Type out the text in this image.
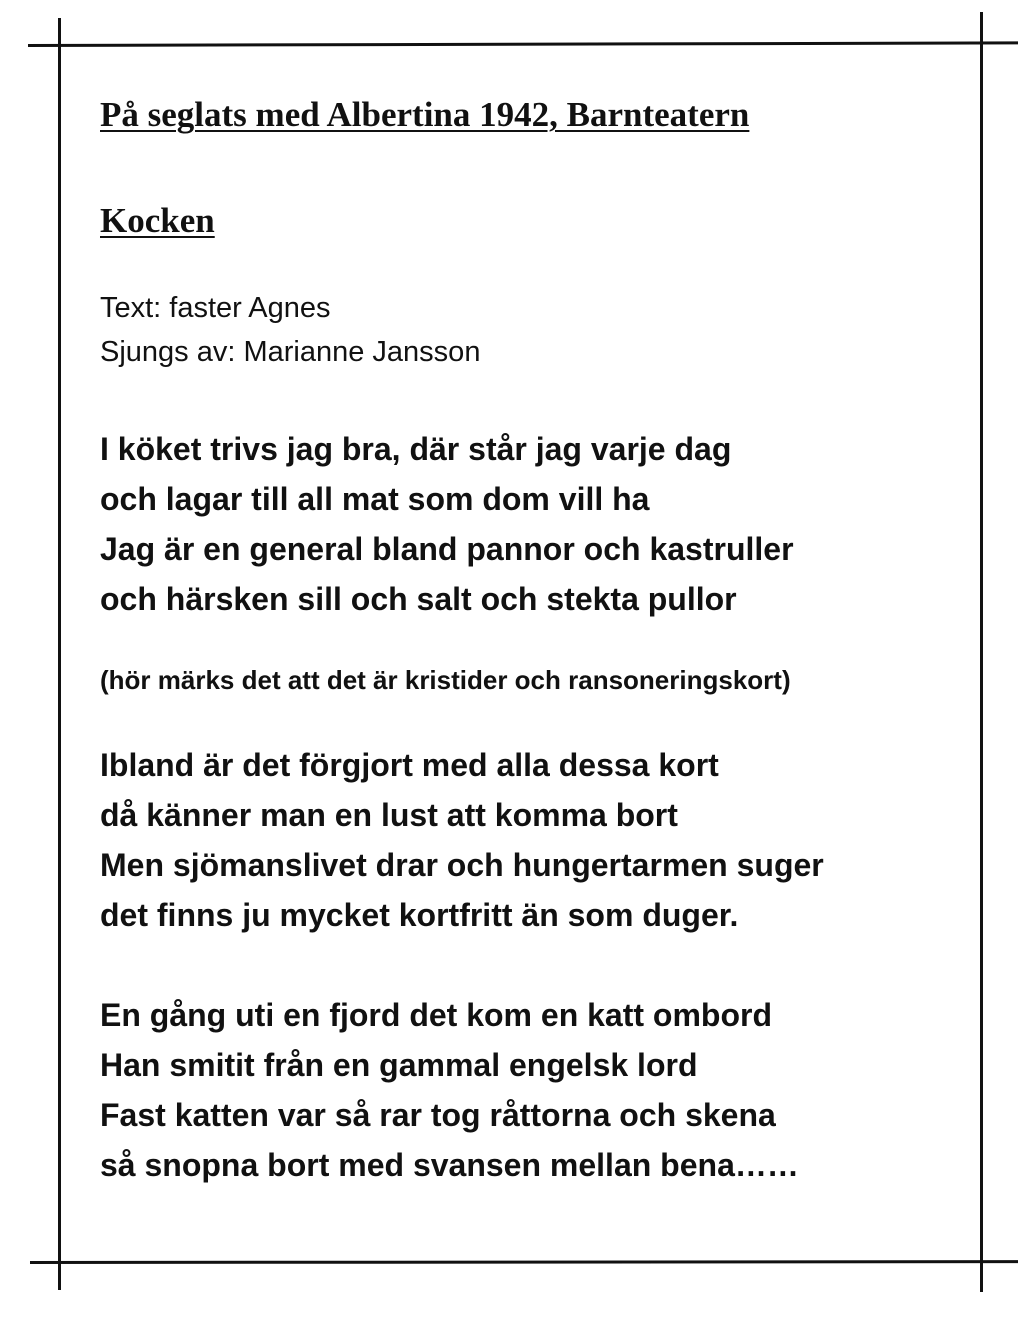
På seglats med Albertina 1942, Barnteatern
Kocken
Text: faster Agnes
Sjungs av: Marianne Jansson
I köket trivs jag bra, där står jag varje dag
och lagar till all mat som dom vill ha
Jag är en general bland pannor och kastruller
och härsken sill och salt och stekta pullor
(hör märks det att det är kristider och ransoneringskort)
Ibland är det förgjort med alla dessa kort
då känner man en lust att komma bort
Men sjömanslivet drar och hungertarmen suger
det finns ju mycket kortfritt än som duger.
En gång uti en fjord det kom en katt ombord
Han smitit från en gammal engelsk lord
Fast katten var så rar tog råttorna och skena
så snopna bort med svansen mellan bena……
